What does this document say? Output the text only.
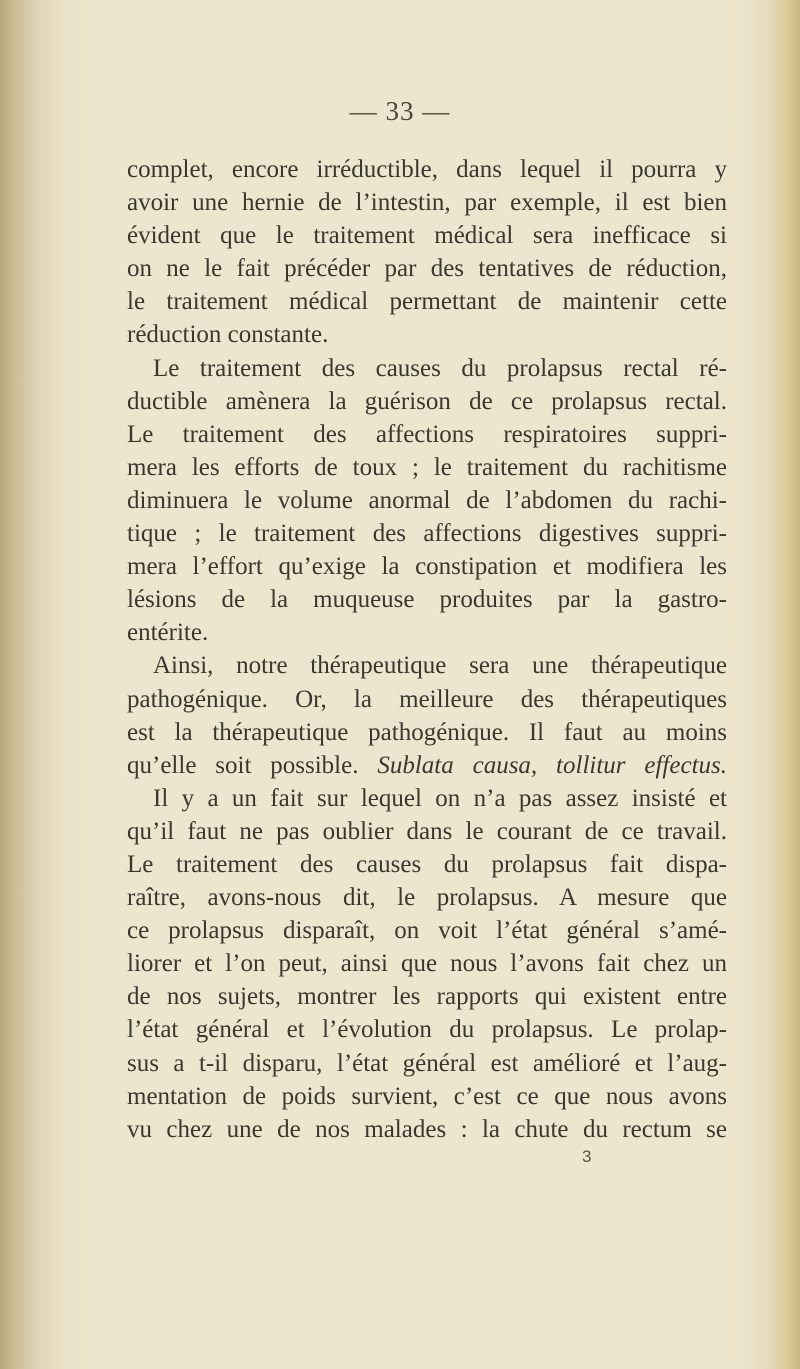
— 33 —
complet, encore irréductible, dans lequel il pourra y
avoir une hernie de l’intestin, par exemple, il est bien
évident que le traitement médical sera inefficace si
on ne le fait précéder par des tentatives de réduction,
le traitement médical permettant de maintenir cette
réduction constante.
Le traitement des causes du prolapsus rectal ré-
ductible amènera la guérison de ce prolapsus rectal.
Le traitement des affections respiratoires suppri-
mera les efforts de toux ; le traitement du rachitisme
diminuera le volume anormal de l’abdomen du rachi-
tique ; le traitement des affections digestives suppri-
mera l’effort qu’exige la constipation et modifiera les
lésions de la muqueuse produites par la gastro-
entérite.
Ainsi, notre thérapeutique sera une thérapeutique
pathogénique. Or, la meilleure des thérapeutiques
est la thérapeutique pathogénique. Il faut au moins
qu’elle soit possible. Sublata causa, tollitur effectus.
Il y a un fait sur lequel on n’a pas assez insisté et
qu’il faut ne pas oublier dans le courant de ce travail.
Le traitement des causes du prolapsus fait dispa-
raître, avons-nous dit, le prolapsus. A mesure que
ce prolapsus disparaît, on voit l’état général s’amé-
liorer et l’on peut, ainsi que nous l’avons fait chez un
de nos sujets, montrer les rapports qui existent entre
l’état général et l’évolution du prolapsus. Le prolap-
sus a t-il disparu, l’état général est amélioré et l’aug-
mentation de poids survient, c’est ce que nous avons
vu chez une de nos malades : la chute du rectum se
3
